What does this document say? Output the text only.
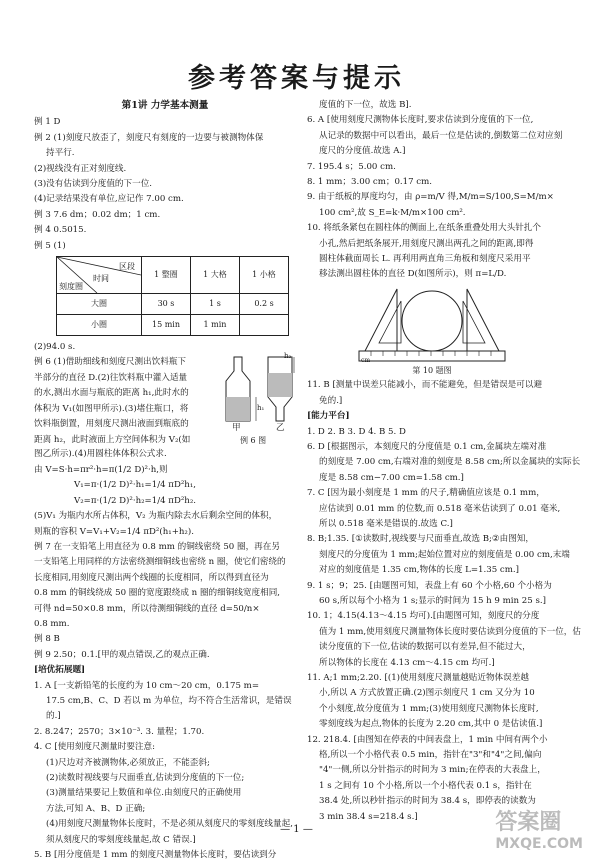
参考答案与提示
第1讲 力学基本测量
例 1 D
例 2 (1)刻度尺放歪了，刻度尺有刻度的一边要与被测物体保
持平行.
(2)视线没有正对刻度线.
(3)没有估读到分度值的下一位.
(4)记录结果没有单位,应记作 7.00 cm.
例 3 7.6 dm；0.02 dm；1 cm.
例 4 0.5015.
例 5 (1)
区段
时间
刻度圈	1 整圈	1 大格	1 小格
大圈	30 s	1 s	0.2 s
小圈	15 min	1 min	
(2)94.0 s.
例 6 (1)借助细线和刻度尺测出饮料瓶下
半部分的直径 D.(2)往饮料瓶中灌入适量
的水,测出水面与瓶底的距离 h₁,此时水的
体积为 V₁(如图甲所示).(3)堵住瓶口，将
饮料瓶倒置，用刻度尺测出液面到瓶底的
距离 h₂，此时液面上方空间体积为 V₂(如
h₁
h₂
甲	乙
例 6 图
图乙所示).(4)用圆柱体体积公式求.
由 V=S·h=πr²·h=π(1/2 D)²·h,则
V₁=π·(1/2 D)²·h₁=1/4 πD²h₁,
V₂=π·(1/2 D)²·h₂=1/4 πD²h₂.
(5)V₁ 为瓶内水所占体积，V₂ 为瓶内除去水后剩余空间的体积，
则瓶的容积 V=V₁+V₂=1/4 πD²(h₁+h₂).
例 7 在一支铅笔上用直径为 0.8 mm 的铜线密绕 50 圈，再在另
一支铅笔上用同样的方法密绕测细铜线也密绕 n 圈，使它们密绕的
长度相同,用刻度尺测出两个线圈的长度相同，所以得到直径为
0.8 mm 的铜线绕成 50 圈的宽度跟绕成 n 圈的细铜线宽度相同,
可得 nd=50×0.8 mm，所以待测细铜线的直径 d=50/n×
0.8 mm.
例 8 B
例 9 2.50；0.1.[甲的观点错误,乙的观点正确.
[培优拓展题]
1. A [一支新铅笔的长度约为 10 cm～20 cm，0.175 m=
17.5 cm,B、C、D 若以 m 为单位，均不符合生活常识，是错误
的.]
2. 8.247；2570；3×10⁻³. 3. 量程；1.70.
4. C [使用刻度尺测量时要注意:
(1)尺边对齐被测物体,必须放正，不能歪斜;
(2)读数时视线要与尺面垂直,估读到分度值的下一位;
(3)测量结果要记上数值和单位.由刻度尺的正确使用
方法,可知 A、B、D 正确;
(4)用刻度尺测量物体长度时，不是必须从刻度尺的零刻度线量起,
须从刻度尺的零刻度线量起,故 C 错误.]
5. B [用分度值是 1 mm 的刻度尺测量物体长度时，要估读到分
度值的下一位，故选 B].
6. A [使用刻度尺测物体长度时,要求估读到分度值的下一位,
从记录的数据中可以看出，最后一位是估读的,倒数第二位对应刻
度尺的分度值.故选 A.]
7. 195.4 s；5.00 cm.
8. 1 mm；3.00 cm；0.17 cm.
9. 由于纸板的厚度均匀，由 ρ=m/V 得,M/m=S/100,S=M/m×
100 cm²,故 S_E=k·M/m×100 cm².
10. 将纸条紧包在圆柱体的侧面上,在纸条重叠处用大头针扎个
小孔,然后把纸条展开,用刻度尺测出两孔之间的距离,即得
圆柱体截面周长 L. 再利用两直角三角板和刻度尺采用平
移法测出圆柱体的直径 D(如图所示)，则 π=L/D.
cm
第 10 题图
11. B [测量中误差只能减小，而不能避免，但是错误是可以避
免的.]
[能力平台]
1. D 2. B 3. D 4. B 5. D
6. D [根据图示，本刻度尺的分度值是 0.1 cm,金属块左端对准
的刻度是 7.00 cm,右端对准的刻度是 8.58 cm;所以金属块的实际长
度是 8.58 cm−7.00 cm=1.58 cm.]
7. C [因为最小刻度是 1 mm 的尺子,精确值应该是 0.1 mm，
应估读到 0.01 mm 的位数,而 0.518 毫米估读到了 0.01 毫米,
所以 0.518 毫米是错误的.故选 C.]
8. B;1.35. [①读数时,视线要与尺面垂直,故选 B;②由图知，
刻度尺的分度值为 1 mm;起始位置对应的刻度值是 0.00 cm,末端
对应的刻度值是 1.35 cm,物体的长度 L=1.35 cm.]
9. 1 s；9；25. [由题图可知，表盘上有 60 个小格,60 个小格为
60 s,所以每个小格为 1 s;显示的时间为 15 h 9 min 25 s.]
10. 1；4.15(4.13～4.15 均可).[由题图可知，刻度尺的分度
值为 1 mm,使用刻度尺测量物体长度时要估读到分度值的下一位，估
读分度值的下一位,估读的数据可以有差异,但不能过大，
所以物体的长度在 4.13 cm～4.15 cm 均可.]
11. A;1 mm;2.20. [(1)使用刻度尺测量越贴近物体误差越
小,所以 A 方式放置正确.(2)图示刻度尺 1 cm 又分为 10
个小刻度,故分度值为 1 mm;(3)使用刻度尺测物体长度时,
零刻度线为起点,物体的长度为 2.20 cm,其中 0 是估读值.]
12. 218.4. [由图知在停表的中间表盘上，1 min 中间有两个小
格,所以一个小格代表 0.5 min，指针在"3"和"4"之间,偏向
"4"一侧,所以分针指示的时间为 3 min;在停表的大表盘上，
1 s 之间有 10 个小格,所以一个小格代表 0.1 s，指针在
38.4 处,所以秒针指示的时间为 38.4 s，即停表的读数为
3 min 38.4 s=218.4 s.]
— 1 —	答案圈
MXQE.COM
